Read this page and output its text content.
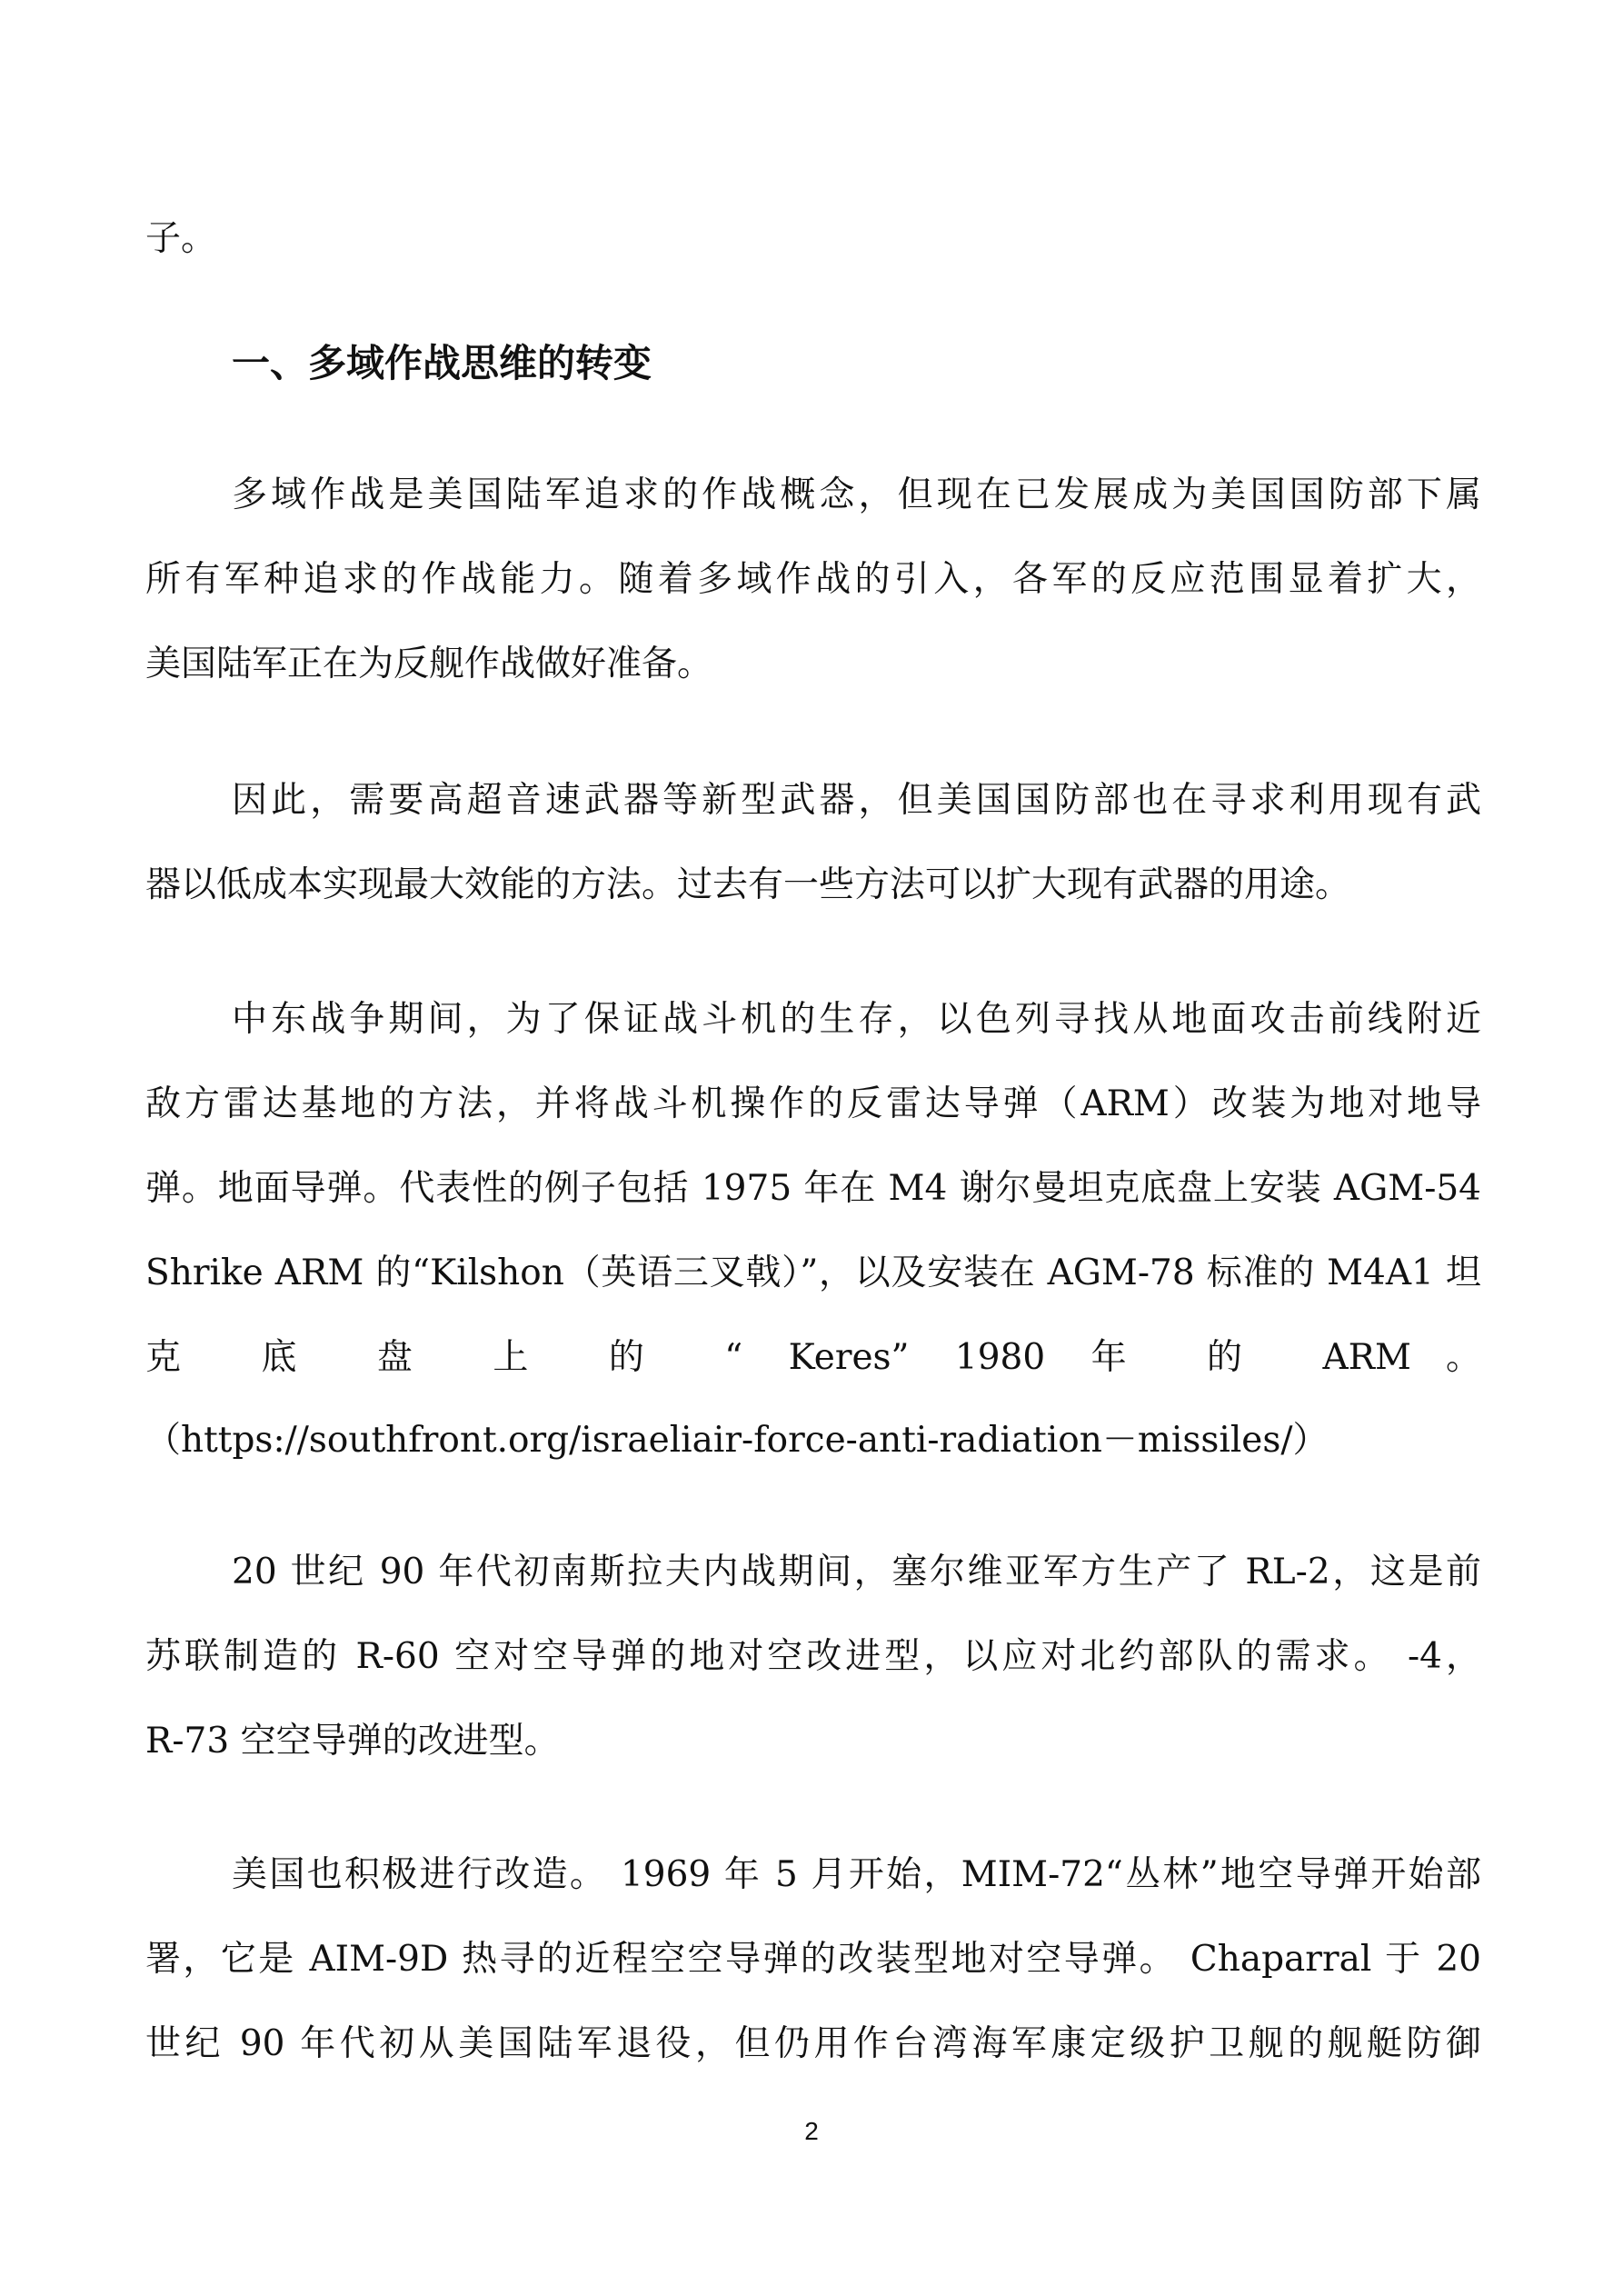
子。
一、多域作战思维的转变
多域作战是美国陆军追求的作战概念，但现在已发展成为美国国防部下属
所有军种追求的作战能力。随着多域作战的引入，各军的反应范围显着扩大，
美国陆军正在为反舰作战做好准备。
因此，需要高超音速武器等新型武器，但美国国防部也在寻求利用现有武
器以低成本实现最大效能的方法。过去有一些方法可以扩大现有武器的用途。
中东战争期间，为了保证战斗机的生存，以色列寻找从地面攻击前线附近
敌方雷达基地的方法，并将战斗机操作的反雷达导弹（ARM）改装为地对地导
弹。地面导弹。代表性的例子包括 1975 年在 M4 谢尔曼坦克底盘上安装 AGM-54
Shrike ARM 的“Kilshon（英语三叉戟）”，以及安装在 AGM-78 标准的 M4A1 坦
克 底 盘 上 的 “ Keres” 1980 年 的 ARM。
（https://southfront.org/israeliair-force-anti-radiation－missiles/）
20 世纪 90 年代初南斯拉夫内战期间，塞尔维亚军方生产了 RL-2，这是前
苏联制造的 R-60 空对空导弹的地对空改进型，以应对北约部队的需求。 -4，
R-73 空空导弹的改进型。
美国也积极进行改造。 1969 年 5 月开始，MIM-72“丛林”地空导弹开始部
署，它是 AIM-9D 热寻的近程空空导弹的改装型地对空导弹。 Chaparral 于 20
世纪 90 年代初从美国陆军退役，但仍用作台湾海军康定级护卫舰的舰艇防御
2
